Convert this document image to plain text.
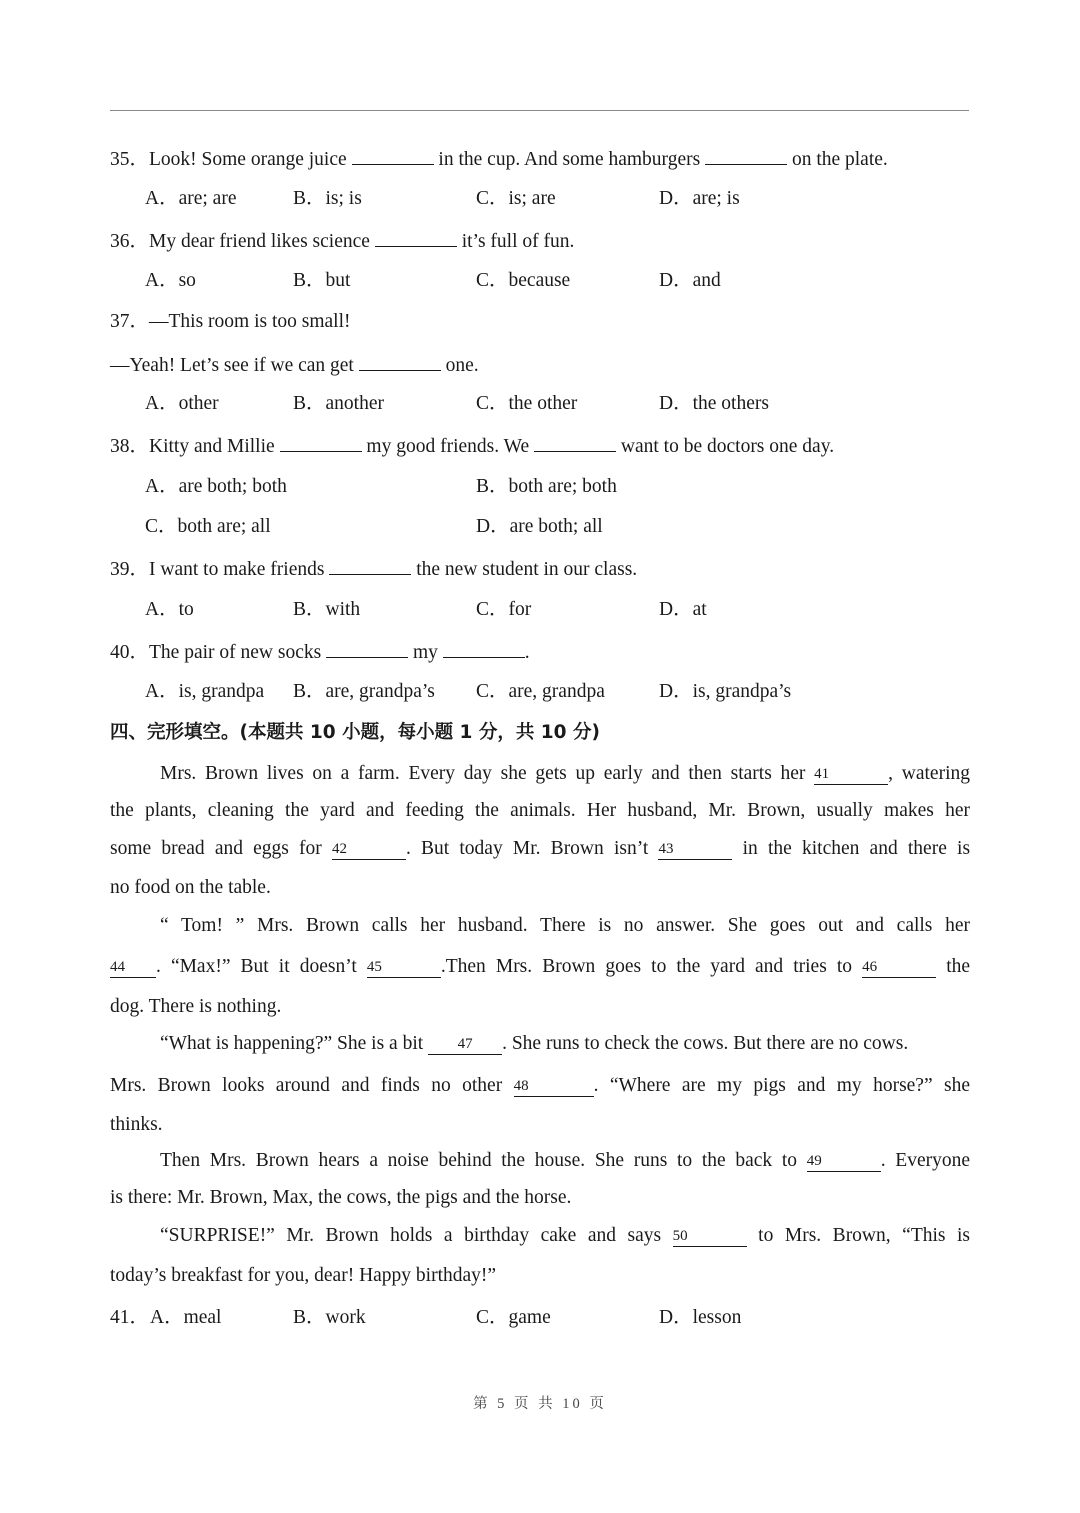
35．Look! Some orange juice	in the cup. And some hamburgers	on the plate.
A．are; are	B．is; is	C．is; are	D．are; is
36．My dear friend likes science	it’s full of fun.
A．so	B．but	C．because	D．and
37．—This room is too small!
—Yeah! Let’s see if we can get	one.
A．other	B．another	C．the other	D．the others
38．Kitty and Millie	my good friends. We	want to be doctors one day.
A．are both; both	B．both are; both
C．both are; all	D．are both; all
39．I want to make friends	the new student in our class.
A．to	B．with	C．for	D．at
40．The pair of new socks	my	.
A．is, grandpa B．are, grandpa’s C．are, grandpa	D．is, grandpa’s
四、完形填空。(本题共 10 小题，每小题 1 分，共 10 分)
Mrs. Brown lives on a farm. Every day she gets up early and then starts her 41	, watering
the plants, cleaning the yard and feeding the animals. Her husband, Mr. Brown, usually makes her
some bread and eggs for 42	. But today Mr. Brown isn’t 43	in the kitchen and there is
no food on the table.
“ Tom! ” Mrs. Brown calls her husband. There is no answer. She goes out and calls her
44 . “Max!” But it doesn’t 45	.Then Mrs. Brown goes to the yard and tries to 46	the
dog. There is nothing.
“What is happening?” She is a bit 47 . She runs to check the cows. But there are no cows.
Mrs. Brown looks around and finds no other 48	. “Where are my pigs and my horse?” she
thinks.
Then Mrs. Brown hears a noise behind the house. She runs to the back to 49	. Everyone
is there: Mr. Brown, Max, the cows, the pigs and the horse.
“SURPRISE!” Mr. Brown holds a birthday cake and says 50	to Mrs. Brown, “This is
today’s breakfast for you, dear! Happy birthday!”
41． A．meal	B．work	C．game	D．lesson
第 5 页 共 10 页
